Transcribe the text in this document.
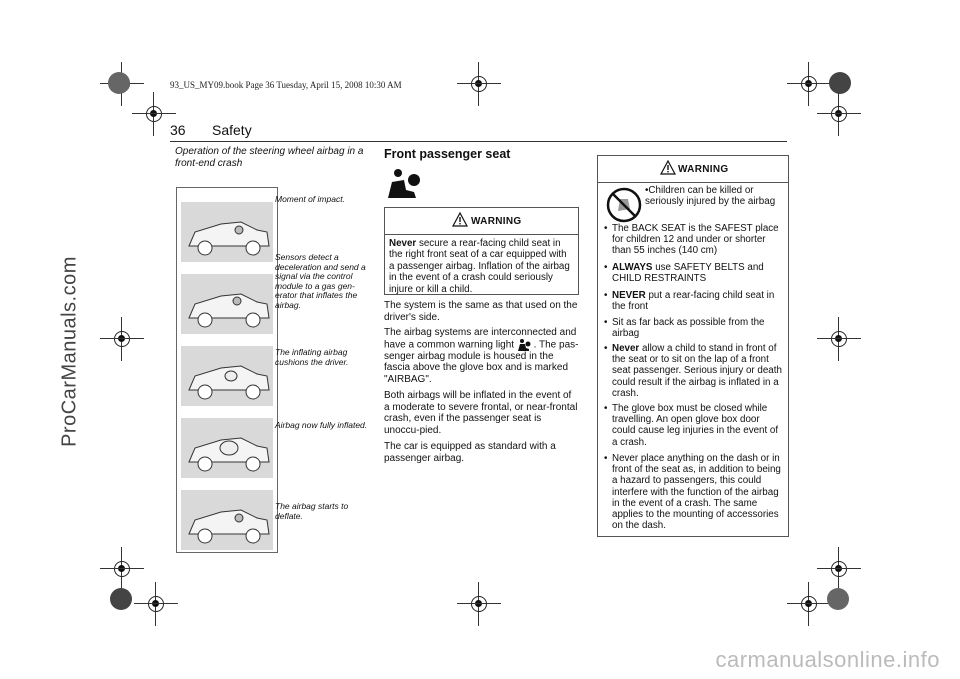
ProCarManuals.com
carmanualsonline.info
93_US_MY09.book Page 36 Tuesday, April 15, 2008 10:30 AM
36 Safety
Operation of the steering wheel airbag in a front-end crash
Moment of impact.
Sensors detect a deceleration and send a signal via the control module to a gas gen-erator that inflates the airbag.
The inflating airbag cushions the driver.
Airbag now fully inflated.
The airbag starts to deflate.
Front passenger seat
WARNING
Never secure a rear-facing child seat in the right front seat of a car equipped with a passenger airbag. Inflation of the airbag in the event of a crash could seriously injure or kill a child.
The system is the same as that used on the driver's side.
The airbag systems are interconnected and have a common warning light . The pas-senger airbag module is housed in the fascia above the glove box and is marked "AIRBAG".
Both airbags will be inflated in the event of a moderate to severe frontal, or near-frontal crash, even if the passenger seat is unoccu-pied.
The car is equipped as standard with a passenger airbag.
WARNING
•Children can be killed or seriously injured by the airbag
• The BACK SEAT is the SAFEST place for children 12 and under or shorter than 55 inches (140 cm)
• ALWAYS use SAFETY BELTS and CHILD RESTRAINTS
• NEVER put a rear-facing child seat in the front
• Sit as far back as possible from the airbag
• Never allow a child to stand in front of the seat or to sit on the lap of a front seat passenger. Serious injury or death could result if the airbag is inflated in a crash.
• The glove box must be closed while travelling. An open glove box door could cause leg injuries in the event of a crash.
• Never place anything on the dash or in front of the seat as, in addition to being a hazard to passengers, this could interfere with the function of the airbag in the event of a crash. The same applies to the mounting of accessories on the dash.
